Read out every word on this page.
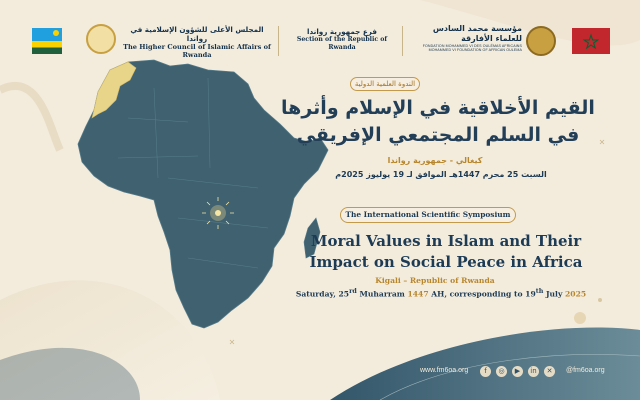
المجلس الأعلى للشؤون الإسلامية في رواندا
The Higher Council of Islamic Affairs of Rwanda
فرع جمهورية رواندا
Section of the Republic of Rwanda
مؤسسة محمد السادس للعلماء الأفارقة
FONDATION MOHAMMED VI DES OULÉMAS AFRICAINS
MOHAMMED VI FOUNDATION OF AFRICAN OULEMA
الندوة العلمية الدولية
القيم الأخلاقية في الإسلام وأثرها
في السلم المجتمعي الإفريقي
كيغالي - جمهورية رواندا
السبت 25 محرم 1447هـ الموافق لـ 19 يوليوز 2025م
The International Scientific Symposium
Moral Values in Islam and Their
Impact on Social Peace in Africa
Kigali – Republic of Rwanda
Saturday, 25rd Muharram 1447 AH, corresponding to 19th July 2025
www.fm6oa.org	f	◎	▶	in	✕	@fm6oa.org
